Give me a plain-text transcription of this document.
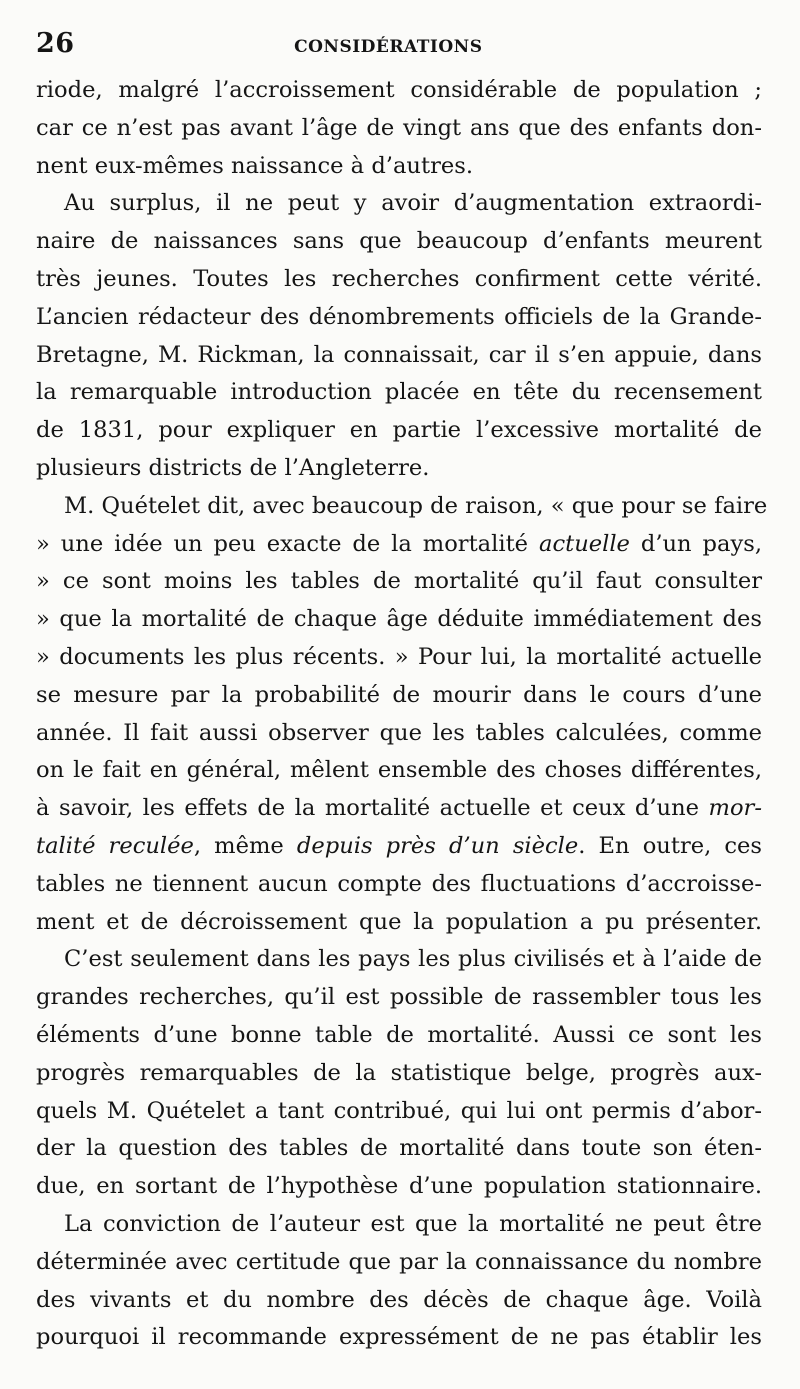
26	CONSIDÉRATIONS
riode, malgré l’accroissement considérable de population ;
car ce n’est pas avant l’âge de vingt ans que des enfants don-
nent eux-mêmes naissance à d’autres.
Au surplus, il ne peut y avoir d’augmentation extraordi-
naire de naissances sans que beaucoup d’enfants meurent
très jeunes. Toutes les recherches confirment cette vérité.
L’ancien rédacteur des dénombrements officiels de la Grande-
Bretagne, M. Rickman, la connaissait, car il s’en appuie, dans
la remarquable introduction placée en tête du recensement
de 1831, pour expliquer en partie l’excessive mortalité de
plusieurs districts de l’Angleterre.
M. Quételet dit, avec beaucoup de raison, « que pour se faire
» une idée un peu exacte de la mortalité actuelle d’un pays,
» ce sont moins les tables de mortalité qu’il faut consulter
» que la mortalité de chaque âge déduite immédiatement des
» documents les plus récents. » Pour lui, la mortalité actuelle
se mesure par la probabilité de mourir dans le cours d’une
année. Il fait aussi observer que les tables calculées, comme
on le fait en général, mêlent ensemble des choses différentes,
à savoir, les effets de la mortalité actuelle et ceux d’une mor-
talité reculée, même depuis près d’un siècle. En outre, ces
tables ne tiennent aucun compte des fluctuations d’accroisse-
ment et de décroissement que la population a pu présenter.
C’est seulement dans les pays les plus civilisés et à l’aide de
grandes recherches, qu’il est possible de rassembler tous les
éléments d’une bonne table de mortalité. Aussi ce sont les
progrès remarquables de la statistique belge, progrès aux-
quels M. Quételet a tant contribué, qui lui ont permis d’abor-
der la question des tables de mortalité dans toute son éten-
due, en sortant de l’hypothèse d’une population stationnaire.
La conviction de l’auteur est que la mortalité ne peut être
déterminée avec certitude que par la connaissance du nombre
des vivants et du nombre des décès de chaque âge. Voilà
pourquoi il recommande expressément de ne pas établir les
